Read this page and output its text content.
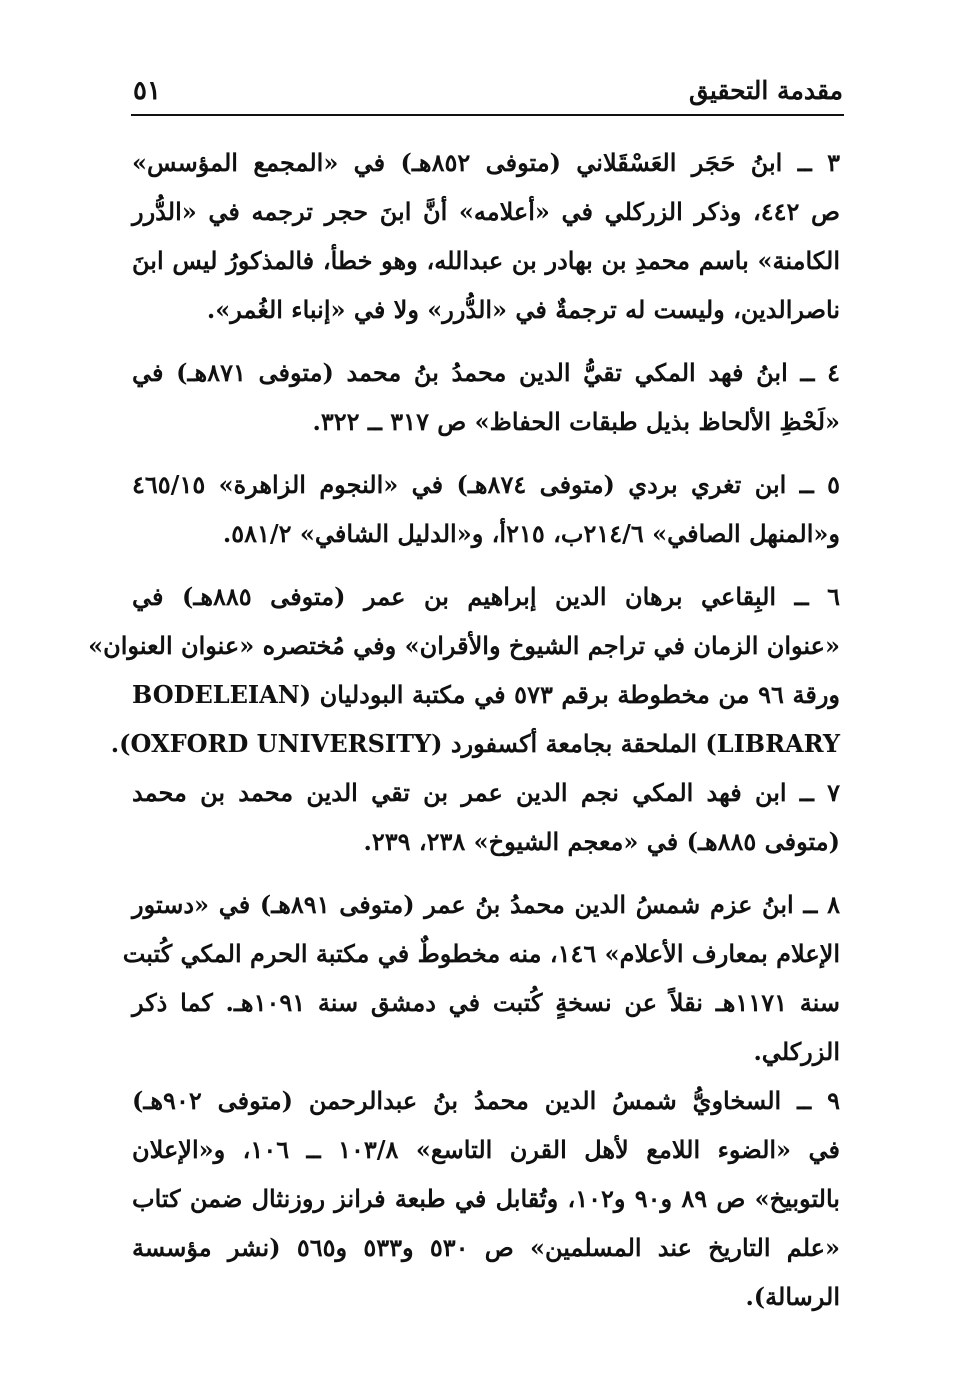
مقدمة التحقيق
٥١
٣ ــ ابنُ حَجَر العَسْقَلاني (متوفى ٨٥٢هـ) في «المجمع المؤسس»
ص ٤٤٢، وذكر الزركلي في «أعلامه» أنَّ ابنَ حجر ترجمه في «الدُّرر
الكامنة» باسم محمدِ بن بهادر بن عبدالله، وهو خطأ، فالمذكورُ ليس ابنَ
ناصرالدين، وليست له ترجمةٌ في «الدُّرر» ولا في «إنباء الغُمر».
٤ ــ ابنُ فهد المكي تقيُّ الدين محمدُ بنُ محمد (متوفى ٨٧١هـ) في
«لَحْظِ الألحاظ بذيل طبقات الحفاظ» ص ٣١٧ ــ ٣٢٢.
٥ ــ ابن تغري بردي (متوفى ٨٧٤هـ) في «النجوم الزاهرة» ٤٦٥/١٥
و«المنهل الصافي» ٢١٤/٦ب، ٢١٥أ، و«الدليل الشافي» ٥٨١/٢.
٦ ــ البِقاعي برهان الدين إبراهيم بن عمر (متوفى ٨٨٥هـ) في
«عنوان الزمان في تراجم الشيوخ والأقران» وفي مُختصره «عنوان العنوان»
ورقة ٩٦ من مخطوطة برقم ٥٧٣ في مكتبة البودليان (BODELEIAN
LIBRARY) الملحقة بجامعة أكسفورد (OXFORD UNIVERSITY).
٧ ــ ابن فهد المكي نجم الدين عمر بن تقي الدين محمد بن محمد
(متوفى ٨٨٥هـ) في «معجم الشيوخ» ٢٣٨، ٢٣٩.
٨ ــ ابنُ عزم شمسُ الدين محمدُ بنُ عمر (متوفى ٨٩١هـ) في «دستور
الإعلام بمعارف الأعلام» ١٤٦، منه مخطوطٌ في مكتبة الحرم المكي كُتبت
سنة ١١٧١هـ نقلاً عن نسخةٍ كُتبت في دمشق سنة ١٠٩١هـ. كما ذكر
الزركلي.
٩ ــ السخاويُّ شمسُ الدين محمدُ بنُ عبدالرحمن (متوفى ٩٠٢هـ)
في «الضوء اللامع لأهل القرن التاسع» ١٠٣/٨ ــ ١٠٦، و«الإعلان
بالتوبيخ» ص ٨٩ و٩٠ و١٠٢، وتُقابل في طبعة فرانز روزنثال ضمن كتاب
«علم التاريخ عند المسلمين» ص ٥٣٠ و٥٣٣ و٥٦٥ (نشر مؤسسة
الرسالة).
